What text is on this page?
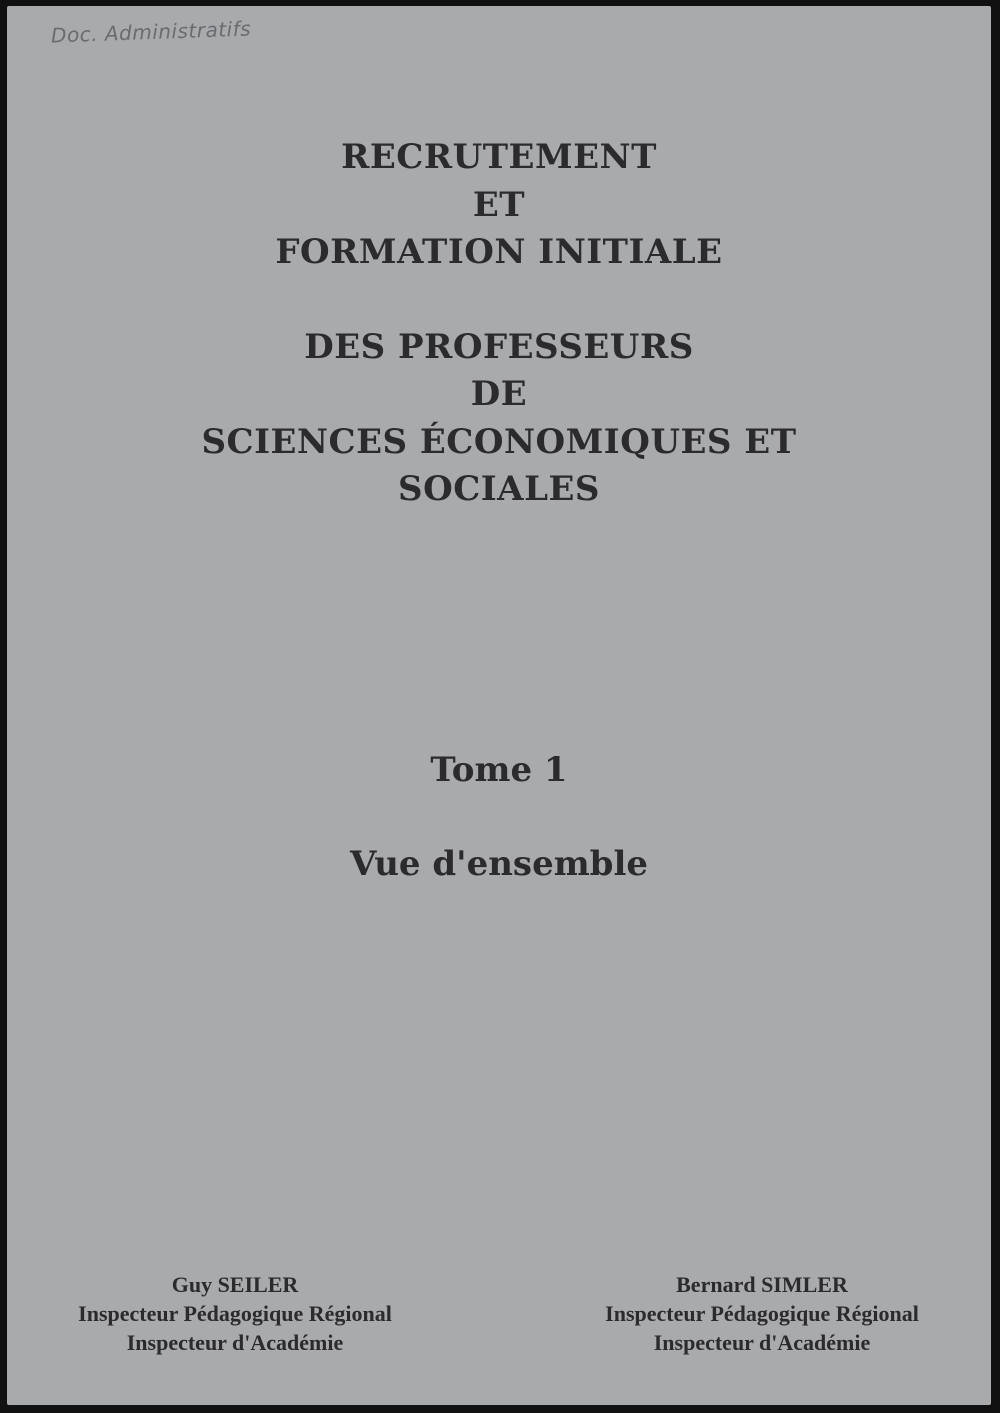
Doc. Administratifs
RECRUTEMENT
ET
FORMATION INITIALE
DES PROFESSEURS
DE
SCIENCES ÉCONOMIQUES ET
SOCIALES
Tome 1
Vue d'ensemble
Guy SEILER
Inspecteur Pédagogique Régional
Inspecteur d'Académie
Bernard SIMLER
Inspecteur Pédagogique Régional
Inspecteur d'Académie
